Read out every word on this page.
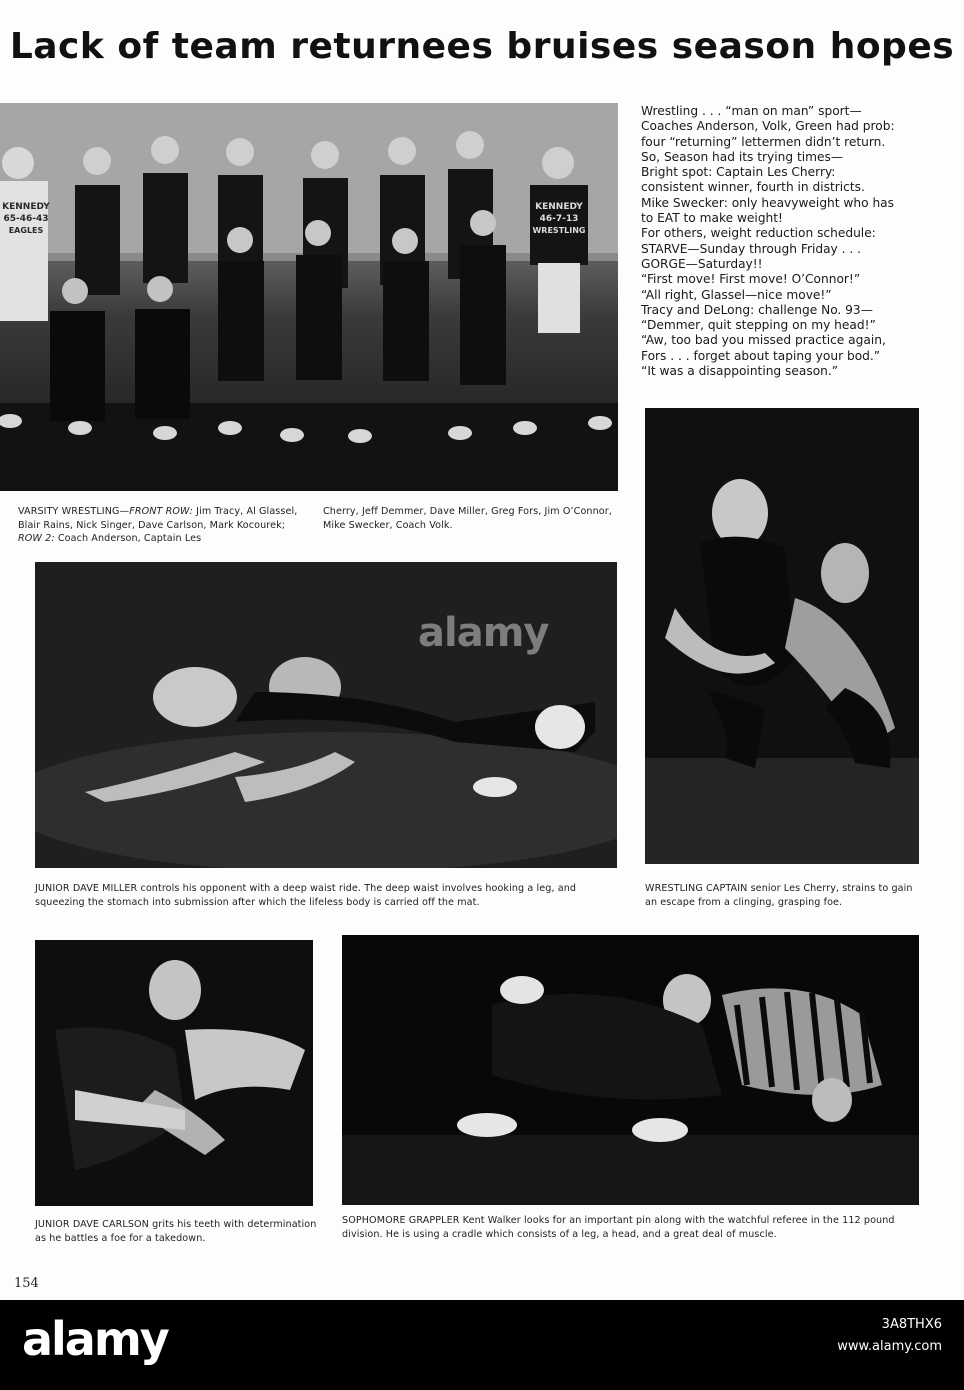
Lack of team returnees bruises season hopes
KENNEDY
65-46-43
EAGLES
KENNEDY
46-7-13
WRESTLING
Wrestling . . . “man on man” sport—
Coaches Anderson, Volk, Green had prob:
four “returning” lettermen didn’t return.
So, Season had its trying times—
Bright spot: Captain Les Cherry:
consistent winner, fourth in districts.
Mike Swecker: only heavyweight who has
to EAT to make weight!
For others, weight reduction schedule:
STARVE—Sunday through Friday . . .
GORGE—Saturday!!
“First move! First move! O’Connor!”
“All right, Glassel—nice move!”
Tracy and DeLong: challenge No. 93—
“Demmer, quit stepping on my head!”
“Aw, too bad you missed practice again,
Fors . . . forget about taping your bod.”
“It was a disappointing season.”
VARSITY WRESTLING—FRONT ROW: Jim Tracy, Al Glassel, Blair Rains, Nick Singer, Dave Carlson, Mark Kocourek; ROW 2: Coach Anderson, Captain Les
Cherry, Jeff Demmer, Dave Miller, Greg Fors, Jim O’Connor, Mike Swecker, Coach Volk.
JUNIOR DAVE MILLER controls his opponent with a deep waist ride. The deep waist involves hooking a leg, and squeezing the stomach into submission after which the lifeless body is carried off the mat.
WRESTLING CAPTAIN senior Les Cherry, strains to gain an escape from a clinging, grasping foe.
JUNIOR DAVE CARLSON grits his teeth with determination as he battles a foe for a takedown.
SOPHOMORE GRAPPLER Kent Walker looks for an important pin along with the watchful referee in the 112 pound division. He is using a cradle which consists of a leg, a head, and a great deal of muscle.
154
alamy
alamy	3A8THX6
www.alamy.com
